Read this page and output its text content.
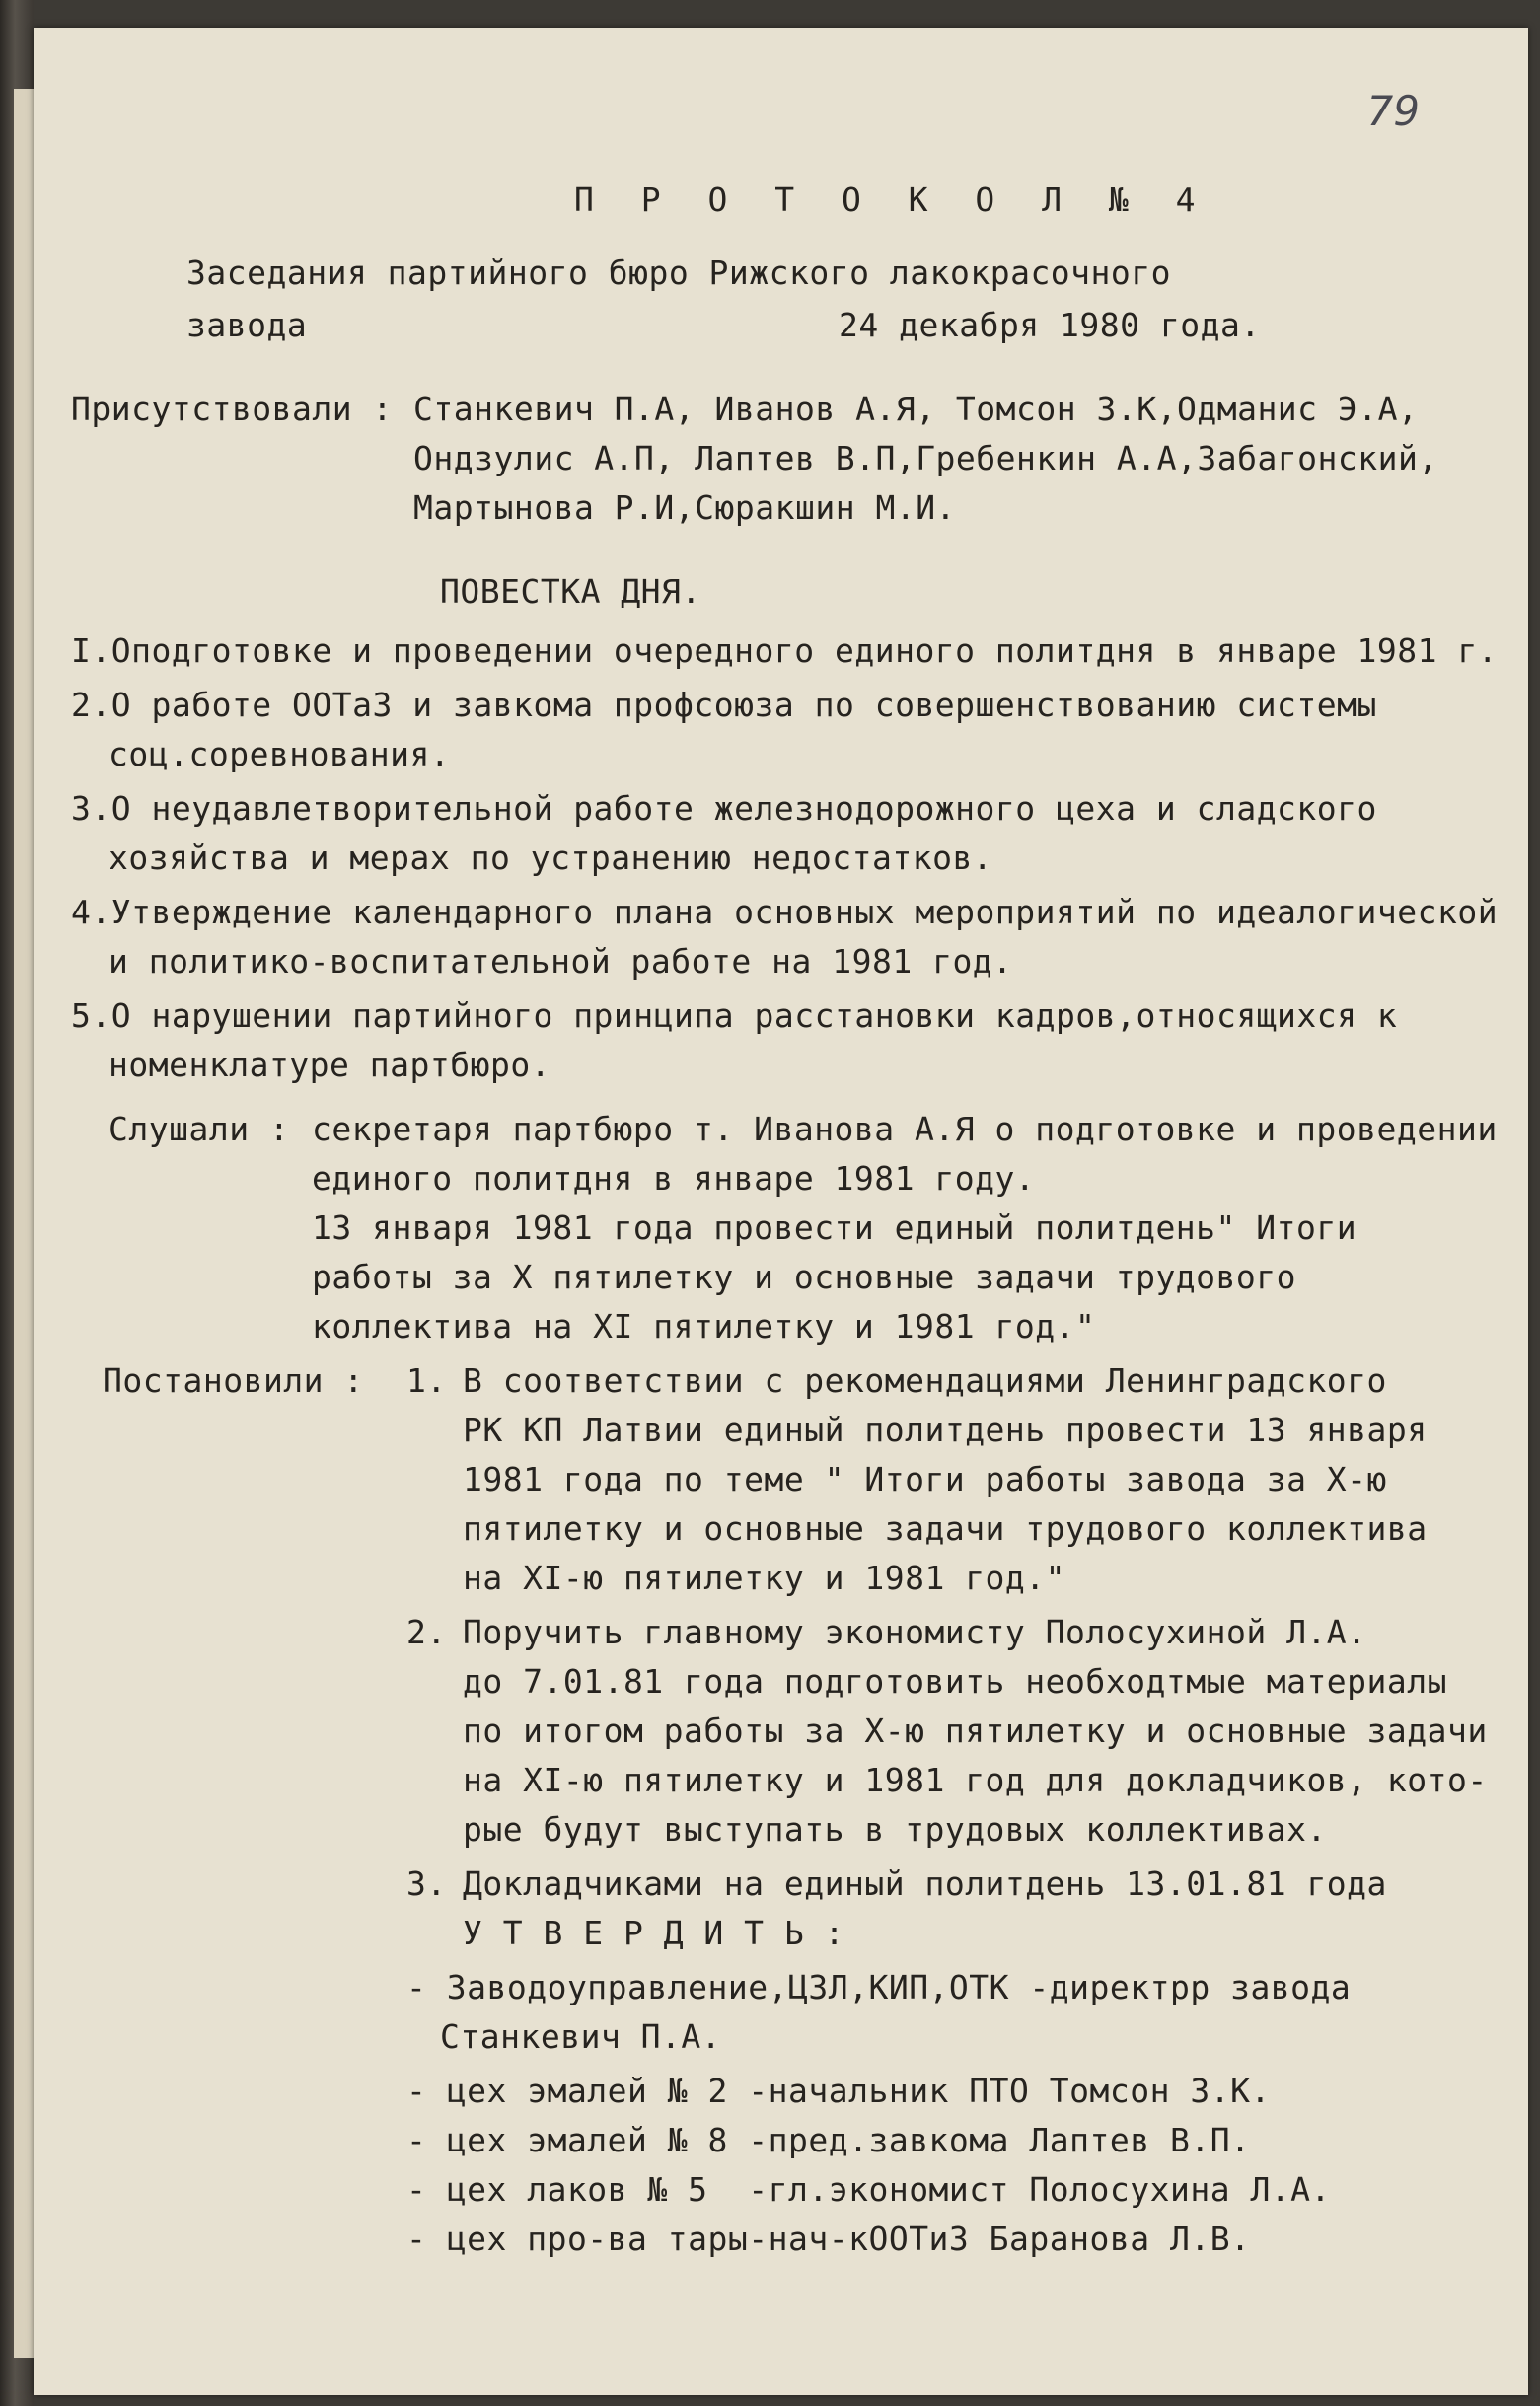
79
П Р О Т О К О Л № 4
Заседания партийного бюро Рижского лакокрасочного
завода	24 декабря 1980 года.
Присутствовали : Станкевич П.А, Иванов А.Я, Томсон З.К,Одманис Э.А,
Ондзулис А.П, Лаптев В.П,Гребенкин А.А,Забагонский,
Мартынова Р.И,Сюракшин М.И.
ПОВЕСТКА ДНЯ.
I.Оподготовке и проведении очередного единого политдня в январе 1981 г.
2.О работе ООТаЗ и завкома профсоюза по совершенствованию системы
соц.соревнования.
3.О неудавлетворительной работе железнодорожного цеха и сладского
хозяйства и мерах по устранению недостатков.
4.Утверждение календарного плана основных мероприятий по идеалогической
и политико-воспитательной работе на 1981 год.
5.О нарушении партийного принципа расстановки кадров,относящихся к
номенклатуре партбюро.
Слушали : секретаря партбюро т. Иванова А.Я о подготовке и проведении
единого политдня в январе 1981 году.
13 января 1981 года провести единый политдень" Итоги
работы за Х пятилетку и основные задачи трудового
коллектива на XI пятилетку и 1981 год."
Постановили : 1. В соответствии с рекомендациями Ленинградского
РК КП Латвии единый политдень провести 13 января
1981 года по теме " Итоги работы завода за Х-ю
пятилетку и основные задачи трудового коллектива
на XI-ю пятилетку и 1981 год."
2. Поручить главному экономисту Полосухиной Л.А.
до 7.01.81 года подготовить необходтмые материалы
по итогом рабoты за Х-ю пятилетку и основные задачи
на XI-ю пятилетку и 1981 год для докладчиков, кото-
рые будут выступать в трудовых коллективах.
3. Докладчиками на единый политдень 13.01.81 года
У Т В Е Р Д И Т Ь :
- Заводоуправление,ЦЗЛ,КИП,ОТК -директрр завода
Станкевич П.А.
- цех эмалей № 2 -начальник ПТО Томсон З.К.
- цех эмалей № 8 -пред.завкома Лаптев В.П.
- цех лаков № 5  -гл.экономист Полосухина Л.А.
- цех про-ва тары-нач-кООТиЗ Баранова Л.В.
